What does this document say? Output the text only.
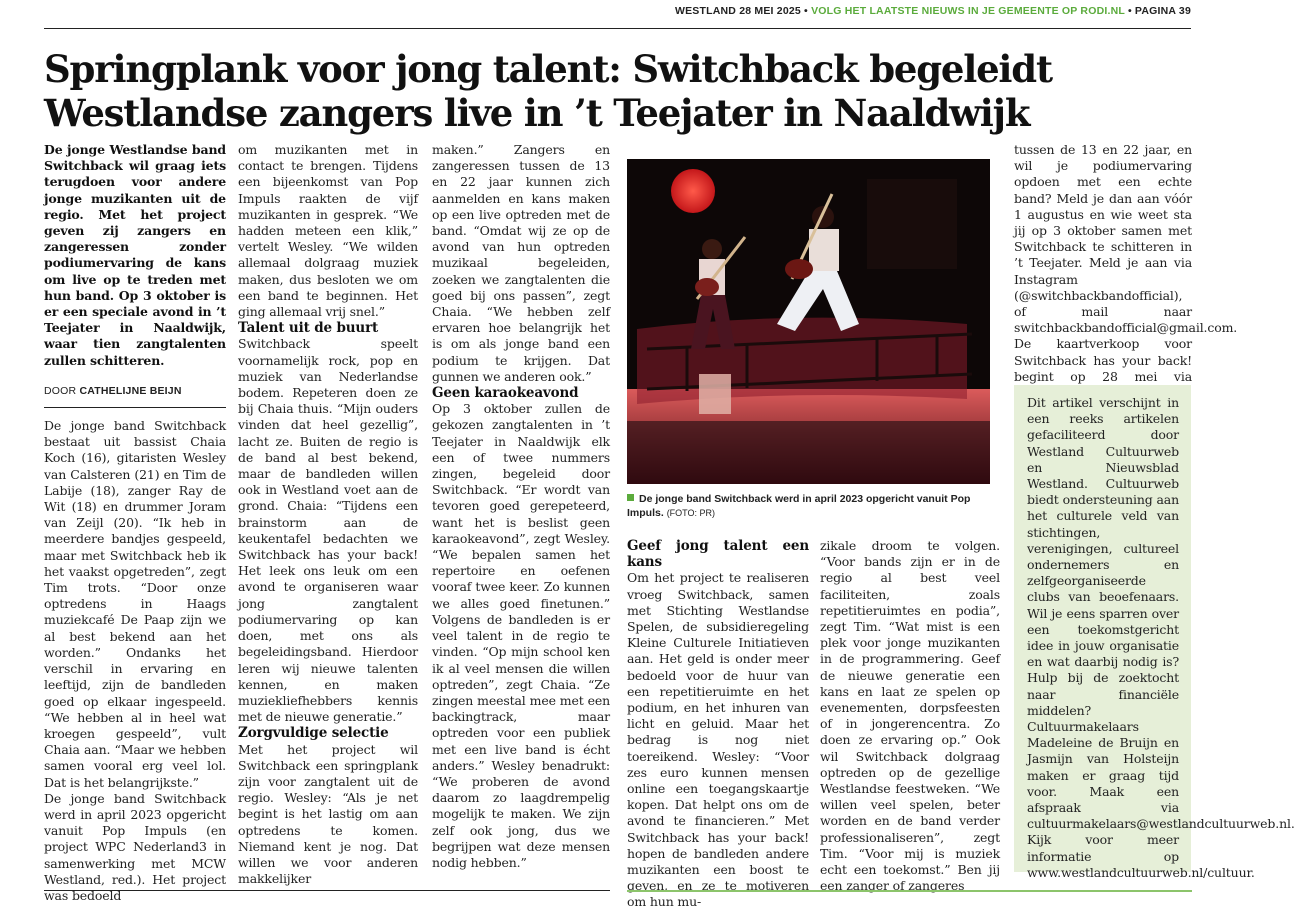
WESTLAND 28 MEI 2025 • VOLG HET LAATSTE NIEUWS IN JE GEMEENTE OP RODI.NL • PAGINA 39
Springplank voor jong talent: Switchback begeleidt Westlandse zangers live in ’t Teejater in Naaldwijk

De jonge Westlandse band Switchback wil graag iets terugdoen voor andere jonge muzikanten uit de regio. Met het project geven zij zangers en zangeressen zonder podiumervaring de kans om live op te treden met hun band. Op 3 oktober is er een speciale avond in ’t Teejater in Naaldwijk, waar tien zangtalenten zullen schitteren.

DOOR CATHELIJNE BEIJN

De jonge band Switchback bestaat uit bassist Chaia Koch (16), gitaristen Wesley van Calsteren (21) en Tim de Labije (18), zanger Ray de Wit (18) en drummer Joram van Zeijl (20). “Ik heb in meerdere bandjes gespeeld, maar met Switchback heb ik het vaakst opgetreden”, zegt Tim trots. “Door onze optredens in Haags muziekcafé De Paap zijn we al best bekend aan het worden.” Ondanks het verschil in ervaring en leeftijd, zijn de bandleden goed op elkaar ingespeeld. “We hebben al in heel wat kroegen gespeeld”, vult Chaia aan. “Maar we hebben samen vooral erg veel lol. Dat is het belangrijkste.”

De jonge band Switchback werd in april 2023 opgericht vanuit Pop Impuls (en project WPC Nederland3 in samenwerking met MCW Westland, red.). Het project was bedoeld

om muzikanten met in contact te brengen. Tijdens een bijeenkomst van Pop Impuls raakten de vijf muzikanten in gesprek. “We hadden meteen een klik,” vertelt Wesley. “We wilden allemaal dolgraag muziek maken, dus besloten we om een band te beginnen. Het ging allemaal vrij snel.”

Talent uit de buurt

Switchback speelt voornamelijk rock, pop en muziek van Nederlandse bodem. Repeteren doen ze bij Chaia thuis. “Mijn ouders vinden dat heel gezellig”, lacht ze. Buiten de regio is de band al best bekend, maar de bandleden willen ook in Westland voet aan de grond. Chaia: “Tijdens een brainstorm aan de keukentafel bedachten we Switchback has your back! Het leek ons leuk om een avond te organiseren waar jong zangtalent podiumervaring op kan doen, met ons als begeleidingsband. Hierdoor leren wij nieuwe talenten kennen, en maken muziekliefhebbers kennis met de nieuwe generatie.”

Zorgvuldige selectie

Met het project wil Switchback een springplank zijn voor zangtalent uit de regio. Wesley: “Als je net begint is het lastig om aan optredens te komen. Niemand kent je nog. Dat willen we voor anderen makkelijker

maken.” Zangers en zangeressen tussen de 13 en 22 jaar kunnen zich aanmelden en kans maken op een live optreden met de band. “Omdat wij ze op de avond van hun optreden muzikaal begeleiden, zoeken we zangtalenten die goed bij ons passen”, zegt Chaia. “We hebben zelf ervaren hoe belangrijk het is om als jonge band een podium te krijgen. Dat gunnen we anderen ook.”

Geen karaokeavond

Op 3 oktober zullen de gekozen zangtalenten in ’t Teejater in Naaldwijk elk een of twee nummers zingen, begeleid door Switchback. “Er wordt van tevoren goed gerepeteerd, want het is beslist geen karaokeavond”, zegt Wesley. “We bepalen samen het repertoire en oefenen vooraf twee keer. Zo kunnen we alles goed finetunen.” Volgens de bandleden is er veel talent in de regio te vinden. “Op mijn school ken ik al veel mensen die willen optreden”, zegt Chaia. “Ze zingen meestal mee met een backingtrack, maar optreden voor een publiek met een live band is écht anders.” Wesley benadrukt: “We proberen de avond daarom zo laagdrempelig mogelijk te maken. We zijn zelf ook jong, dus we begrijpen wat deze mensen nodig hebben.”

De jonge band Switchback werd in april 2023 opgericht vanuit Pop Impuls. (FOTO: PR)

Geef jong talent een kans

Om het project te realiseren vroeg Switchback, samen met Stichting Westlandse Spelen, de subsidieregeling Kleine Culturele Initiatieven aan. Het geld is onder meer bedoeld voor de huur van een repetitieruimte en het podium, en het inhuren van licht en geluid. Maar het bedrag is nog niet toereikend. Wesley: “Voor zes euro kunnen mensen online een toegangskaartje kopen. Dat helpt ons om de avond te financieren.” Met Switchback has your back! hopen de bandleden andere muzikanten een boost te geven, en ze te motiveren om hun mu-

zikale droom te volgen. “Voor bands zijn er in de regio al best veel faciliteiten, zoals repetitieruimtes en podia”, zegt Tim. “Wat mist is een plek voor jonge muzikanten in de programmering. Geef de nieuwe generatie een kans en laat ze spelen op evenementen, dorpsfeesten of in jongerencentra. Zo doen ze ervaring op.” Ook wil Switchback dolgraag optreden op de gezellige Westlandse feestweken. “We willen veel spelen, beter worden en de band verder professionaliseren”, zegt Tim. “Voor mij is muziek echt een toekomst.” Ben jij een zanger of zangeres

tussen de 13 en 22 jaar, en wil je podiumervaring opdoen met een echte band? Meld je dan aan vóór 1 augustus en wie weet sta jij op 3 oktober samen met Switchback te schitteren in ’t Teejater. Meld je aan via Instagram (@switchbackbandofficial), of mail naar switchbackbandofficial@gmail.com. De kaartverkoop voor Switchback has your back! begint op 28 mei via

Dit artikel verschijnt in een reeks artikelen gefaciliteerd door Westland Cultuurweb en Nieuwsblad Westland. Cultuurweb biedt ondersteuning aan het culturele veld van stichtingen, verenigingen, cultureel ondernemers en zelfgeorganiseerde clubs van beoefenaars. Wil je eens sparren over een toekomstgericht idee in jouw organisatie en wat daarbij nodig is? Hulp bij de zoektocht naar financiële middelen? Cultuurmakelaars Madeleine de Bruijn en Jasmijn van Holsteijn maken er graag tijd voor. Maak een afspraak via cultuurmakelaars@westlandcultuurweb.nl. Kijk voor meer informatie op www.westlandcultuurweb.nl/cultuur.
